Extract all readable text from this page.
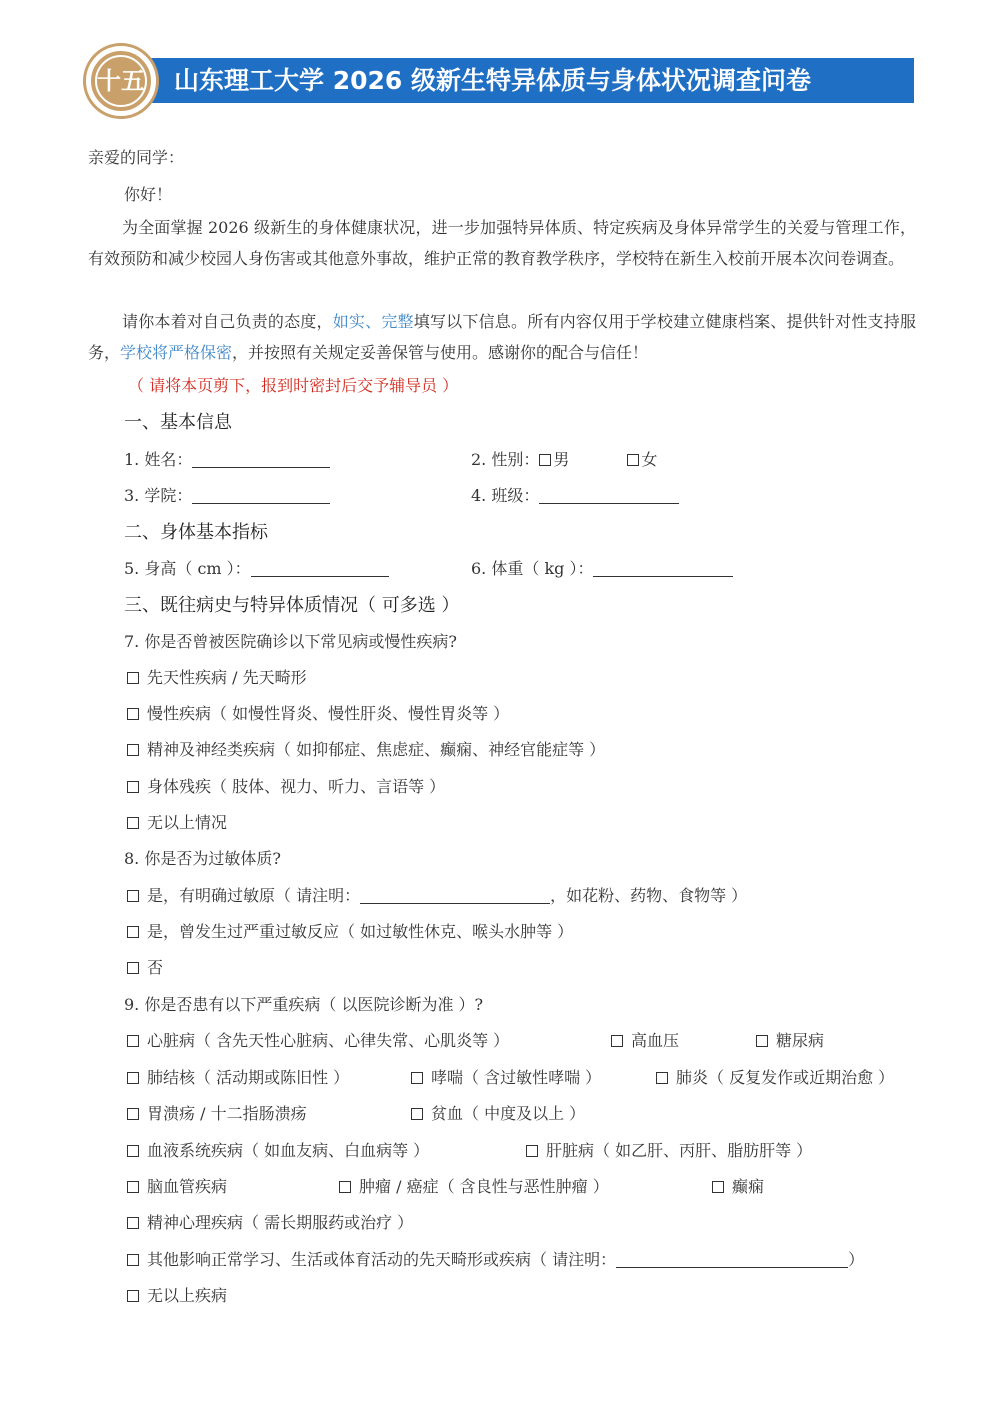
山东理工大学 2026 级新生特异体质与身体状况调查问卷
十五
亲爱的同学：
你好！
为全面掌握 2026 级新生的身体健康状况，进一步加强特异体质、特定疾病及身体异常学生的关爱与管理工作，有效预防和减少校园人身伤害或其他意外事故，维护正常的教育教学秩序，学校特在新生入校前开展本次问卷调查。
请你本着对自己负责的态度，如实、完整填写以下信息。所有内容仅用于学校建立健康档案、提供针对性支持服务，学校将严格保密，并按照有关规定妥善保管与使用。感谢你的配合与信任！
（ 请将本页剪下，报到时密封后交予辅导员 ）
一、基本信息
1. 姓名：	2. 性别： 男	女
3. 学院：	4. 班级：
二、身体基本指标
5. 身高（ cm ）：	6. 体重（ kg ）：
三、既往病史与特异体质情况（ 可多选 ）
7. 你是否曾被医院确诊以下常见病或慢性疾病?
先天性疾病 / 先天畸形
慢性疾病（ 如慢性肾炎、慢性肝炎、慢性胃炎等 ）
精神及神经类疾病（ 如抑郁症、焦虑症、癫痫、神经官能症等 ）
身体残疾（ 肢体、视力、听力、言语等 ）
无以上情况
8. 你是否为过敏体质?
是，有明确过敏原（ 请注明：	，如花粉、药物、食物等 ）
是，曾发生过严重过敏反应（ 如过敏性休克、喉头水肿等 ）
否
9. 你是否患有以下严重疾病（ 以医院诊断为准 ）?
心脏病（ 含先天性心脏病、心律失常、心肌炎等 ）	高血压	糖尿病
肺结核（ 活动期或陈旧性 ）	哮喘（ 含过敏性哮喘 ）	肺炎（ 反复发作或近期治愈 ）
胃溃疡 / 十二指肠溃疡	贫血（ 中度及以上 ）
血液系统疾病（ 如血友病、白血病等 ）	肝脏病（ 如乙肝、丙肝、脂肪肝等 ）
脑血管疾病	肿瘤 / 癌症（ 含良性与恶性肿瘤 ）	癫痫
精神心理疾病（ 需长期服药或治疗 ）
其他影响正常学习、生活或体育活动的先天畸形或疾病（ 请注明：	）
无以上疾病
